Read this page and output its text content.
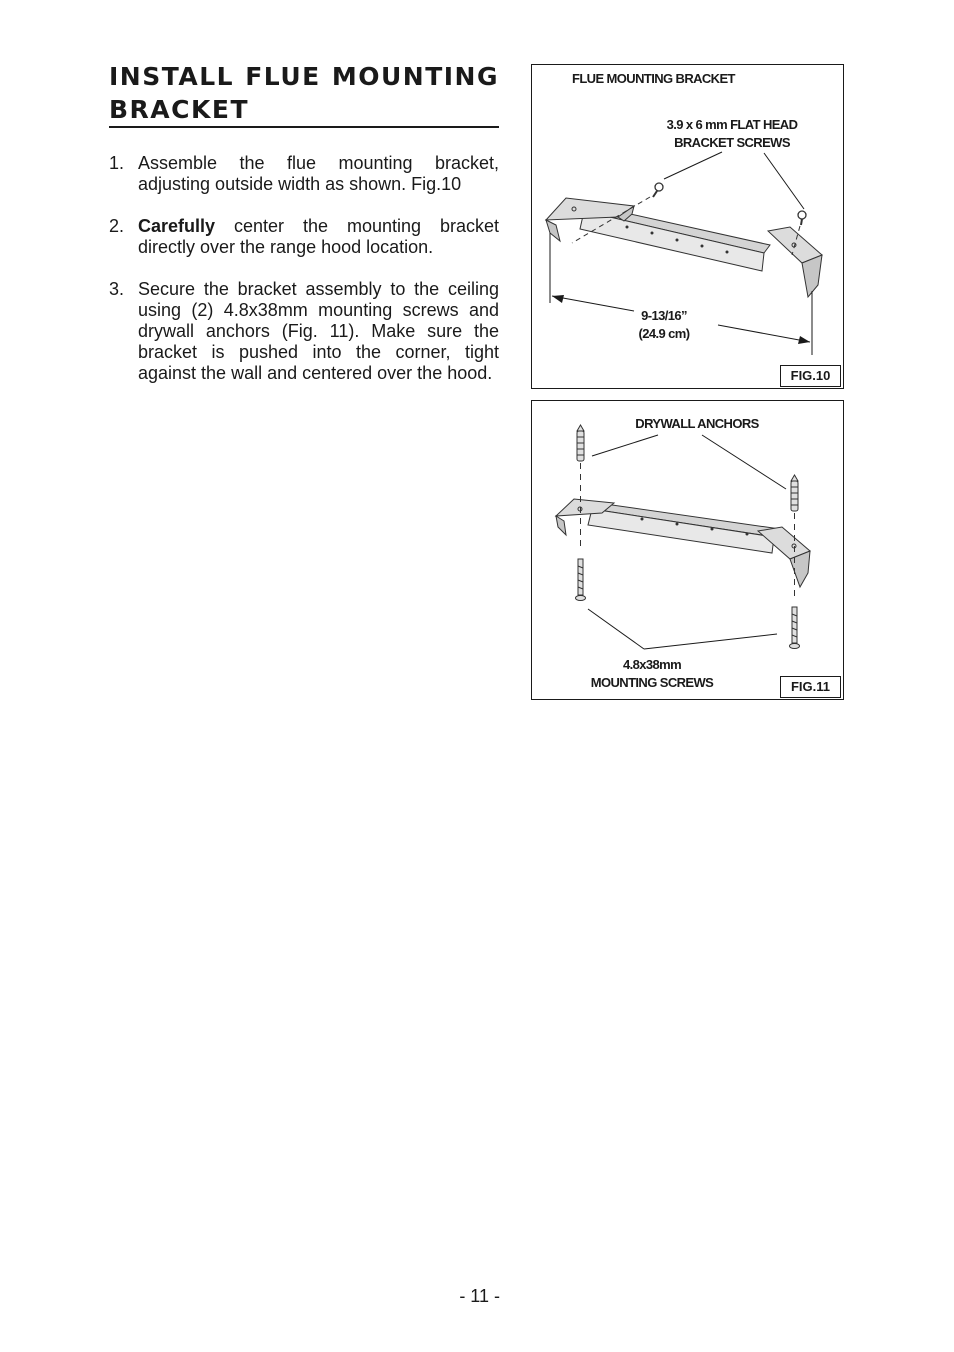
INSTALL FLUE MOUNTING BRACKET
1. Assemble the flue mounting bracket, adjusting outside width as shown. Fig.10
2. Carefully center the mounting bracket directly over the range hood location.
3. Secure the bracket assembly to the ceiling using (2) 4.8x38mm mounting screws and drywall anchors (Fig. 11). Make sure the bracket is pushed into the corner, tight against the wall and centered over the hood.
FLUE MOUNTING BRACKET
3.9 x 6 mm FLAT HEAD
BRACKET SCREWS
9-13/16”
(24.9 cm)
FIG.10
DRYWALL ANCHORS
4.8x38mm
MOUNTING SCREWS	FIG.11
- 11 -
